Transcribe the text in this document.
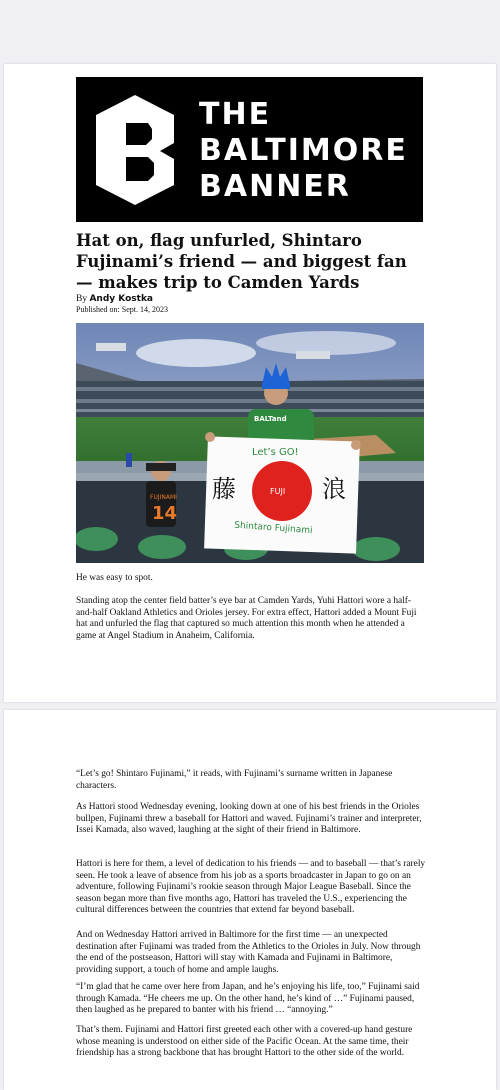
THE
BALTIMORE
BANNER
Hat on, flag unfurled, Shintaro Fujinami’s friend — and biggest fan — makes trip to Camden Yards
By Andy Kostka
Published on: Sept. 14, 2023
FUJINAMI
14
BALTand
Let’s GO!
藤	FUJI 浪
Shintaro Fujinami

He was easy to spot.

Standing atop the center field batter’s eye bar at Camden Yards, Yuhi Hattori wore a half-and-half Oakland Athletics and Orioles jersey. For extra effect, Hattori added a Mount Fuji hat and unfurled the flag that captured so much attention this month when he attended a game at Angel Stadium in Anaheim, California.

“Let’s go! Shintaro Fujinami,” it reads, with Fujinami’s surname written in Japanese characters.

As Hattori stood Wednesday evening, looking down at one of his best friends in the Orioles bullpen, Fujinami threw a baseball for Hattori and waved. Fujinami’s trainer and interpreter, Issei Kamada, also waved, laughing at the sight of their friend in Baltimore.

Hattori is here for them, a level of dedication to his friends — and to baseball — that’s rarely seen. He took a leave of absence from his job as a sports broadcaster in Japan to go on an adventure, following Fujinami’s rookie season through Major League Baseball. Since the season began more than five months ago, Hattori has traveled the U.S., experiencing the cultural differences between the countries that extend far beyond baseball.

And on Wednesday Hattori arrived in Baltimore for the first time — an unexpected destination after Fujinami was traded from the Athletics to the Orioles in July. Now through the end of the postseason, Hattori will stay with Kamada and Fujinami in Baltimore, providing support, a touch of home and ample laughs.

“I’m glad that he came over here from Japan, and he’s enjoying his life, too,” Fujinami said through Kamada. “He cheers me up. On the other hand, he’s kind of …” Fujinami paused, then laughed as he prepared to banter with his friend … “annoying.”

That’s them. Fujinami and Hattori first greeted each other with a covered-up hand gesture whose meaning is understood on either side of the Pacific Ocean. At the same time, their friendship has a strong backbone that has brought Hattori to the other side of the world.
